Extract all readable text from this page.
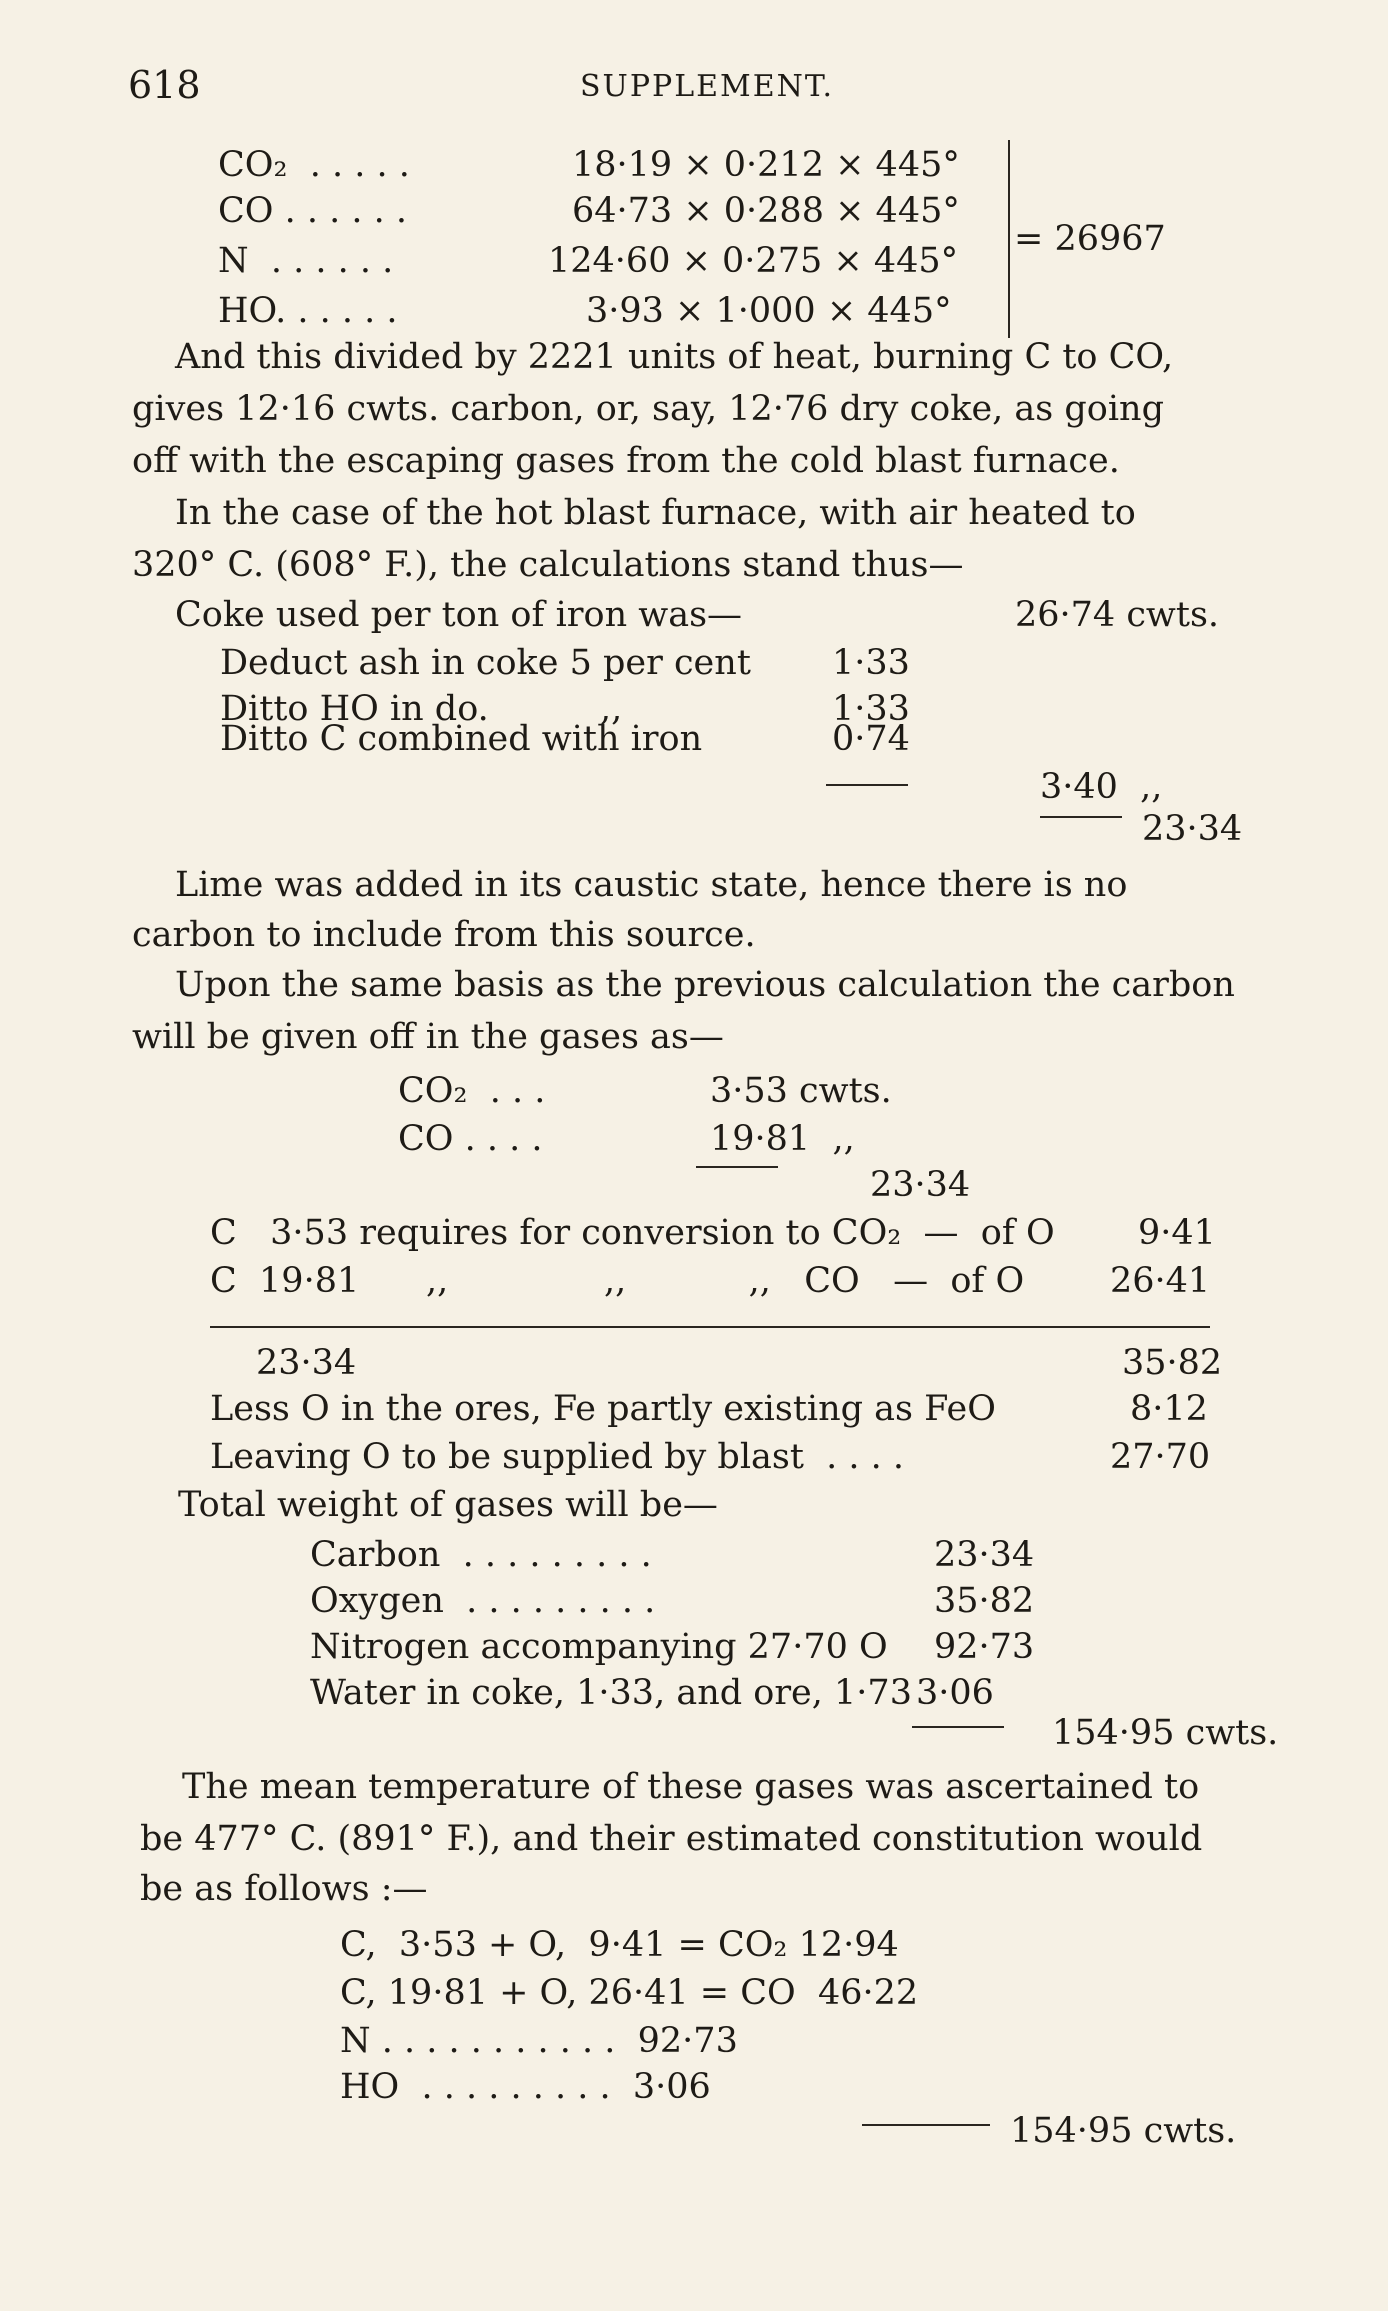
618	SUPPLEMENT.
CO₂  . . . . .	18·19 × 0·212 × 445°
CO . . . . . .	64·73 × 0·288 × 445°
N  . . . . . .	124·60 × 0·275 × 445°
HO. . . . . .	3·93 × 1·000 × 445°
= 26967
And this divided by 2221 units of heat, burning C to CO,
gives 12·16 cwts. carbon, or, say, 12·76 dry coke, as going
off with the escaping gases from the cold blast furnace.
In the case of the hot blast furnace, with air heated to
320° C. (608° F.), the calculations stand thus—
Coke used per ton of iron was—	26·74 cwts.
Deduct ash in coke 5 per cent 1·33
Ditto HO in do.          ,,	1·33
Ditto C combined with iron	0·74
3·40  ,,
23·34
Lime was added in its caustic state, hence there is no
carbon to include from this source.
Upon the same basis as the previous calculation the carbon
will be given off in the gases as—
CO₂  . . .	3·53 cwts.
CO . . . .	19·81  ,,
23·34
C   3·53 requires for conversion to CO₂  —  of O 9·41
C  19·81      ,,              ,,           ,,   CO   —  of O 26·41
23·34	35·82
Less O in the ores, Fe partly existing as FeO	8·12
Leaving O to be supplied by blast  . . . .	27·70
Total weight of gases will be—
Carbon  . . . . . . . . .	23·34
Oxygen  . . . . . . . . .	35·82
Nitrogen accompanying 27·70 O 92·73
Water in coke, 1·33, and ore, 1·73 3·06
154·95 cwts.
The mean temperature of these gases was ascertained to
be 477° C. (891° F.), and their estimated constitution would
be as follows :—
C,  3·53 + O,  9·41 = CO₂ 12·94
C, 19·81 + O, 26·41 = CO  46·22
N . . . . . . . . . . .  92·73
HO  . . . . . . . . .  3·06
154·95 cwts.
